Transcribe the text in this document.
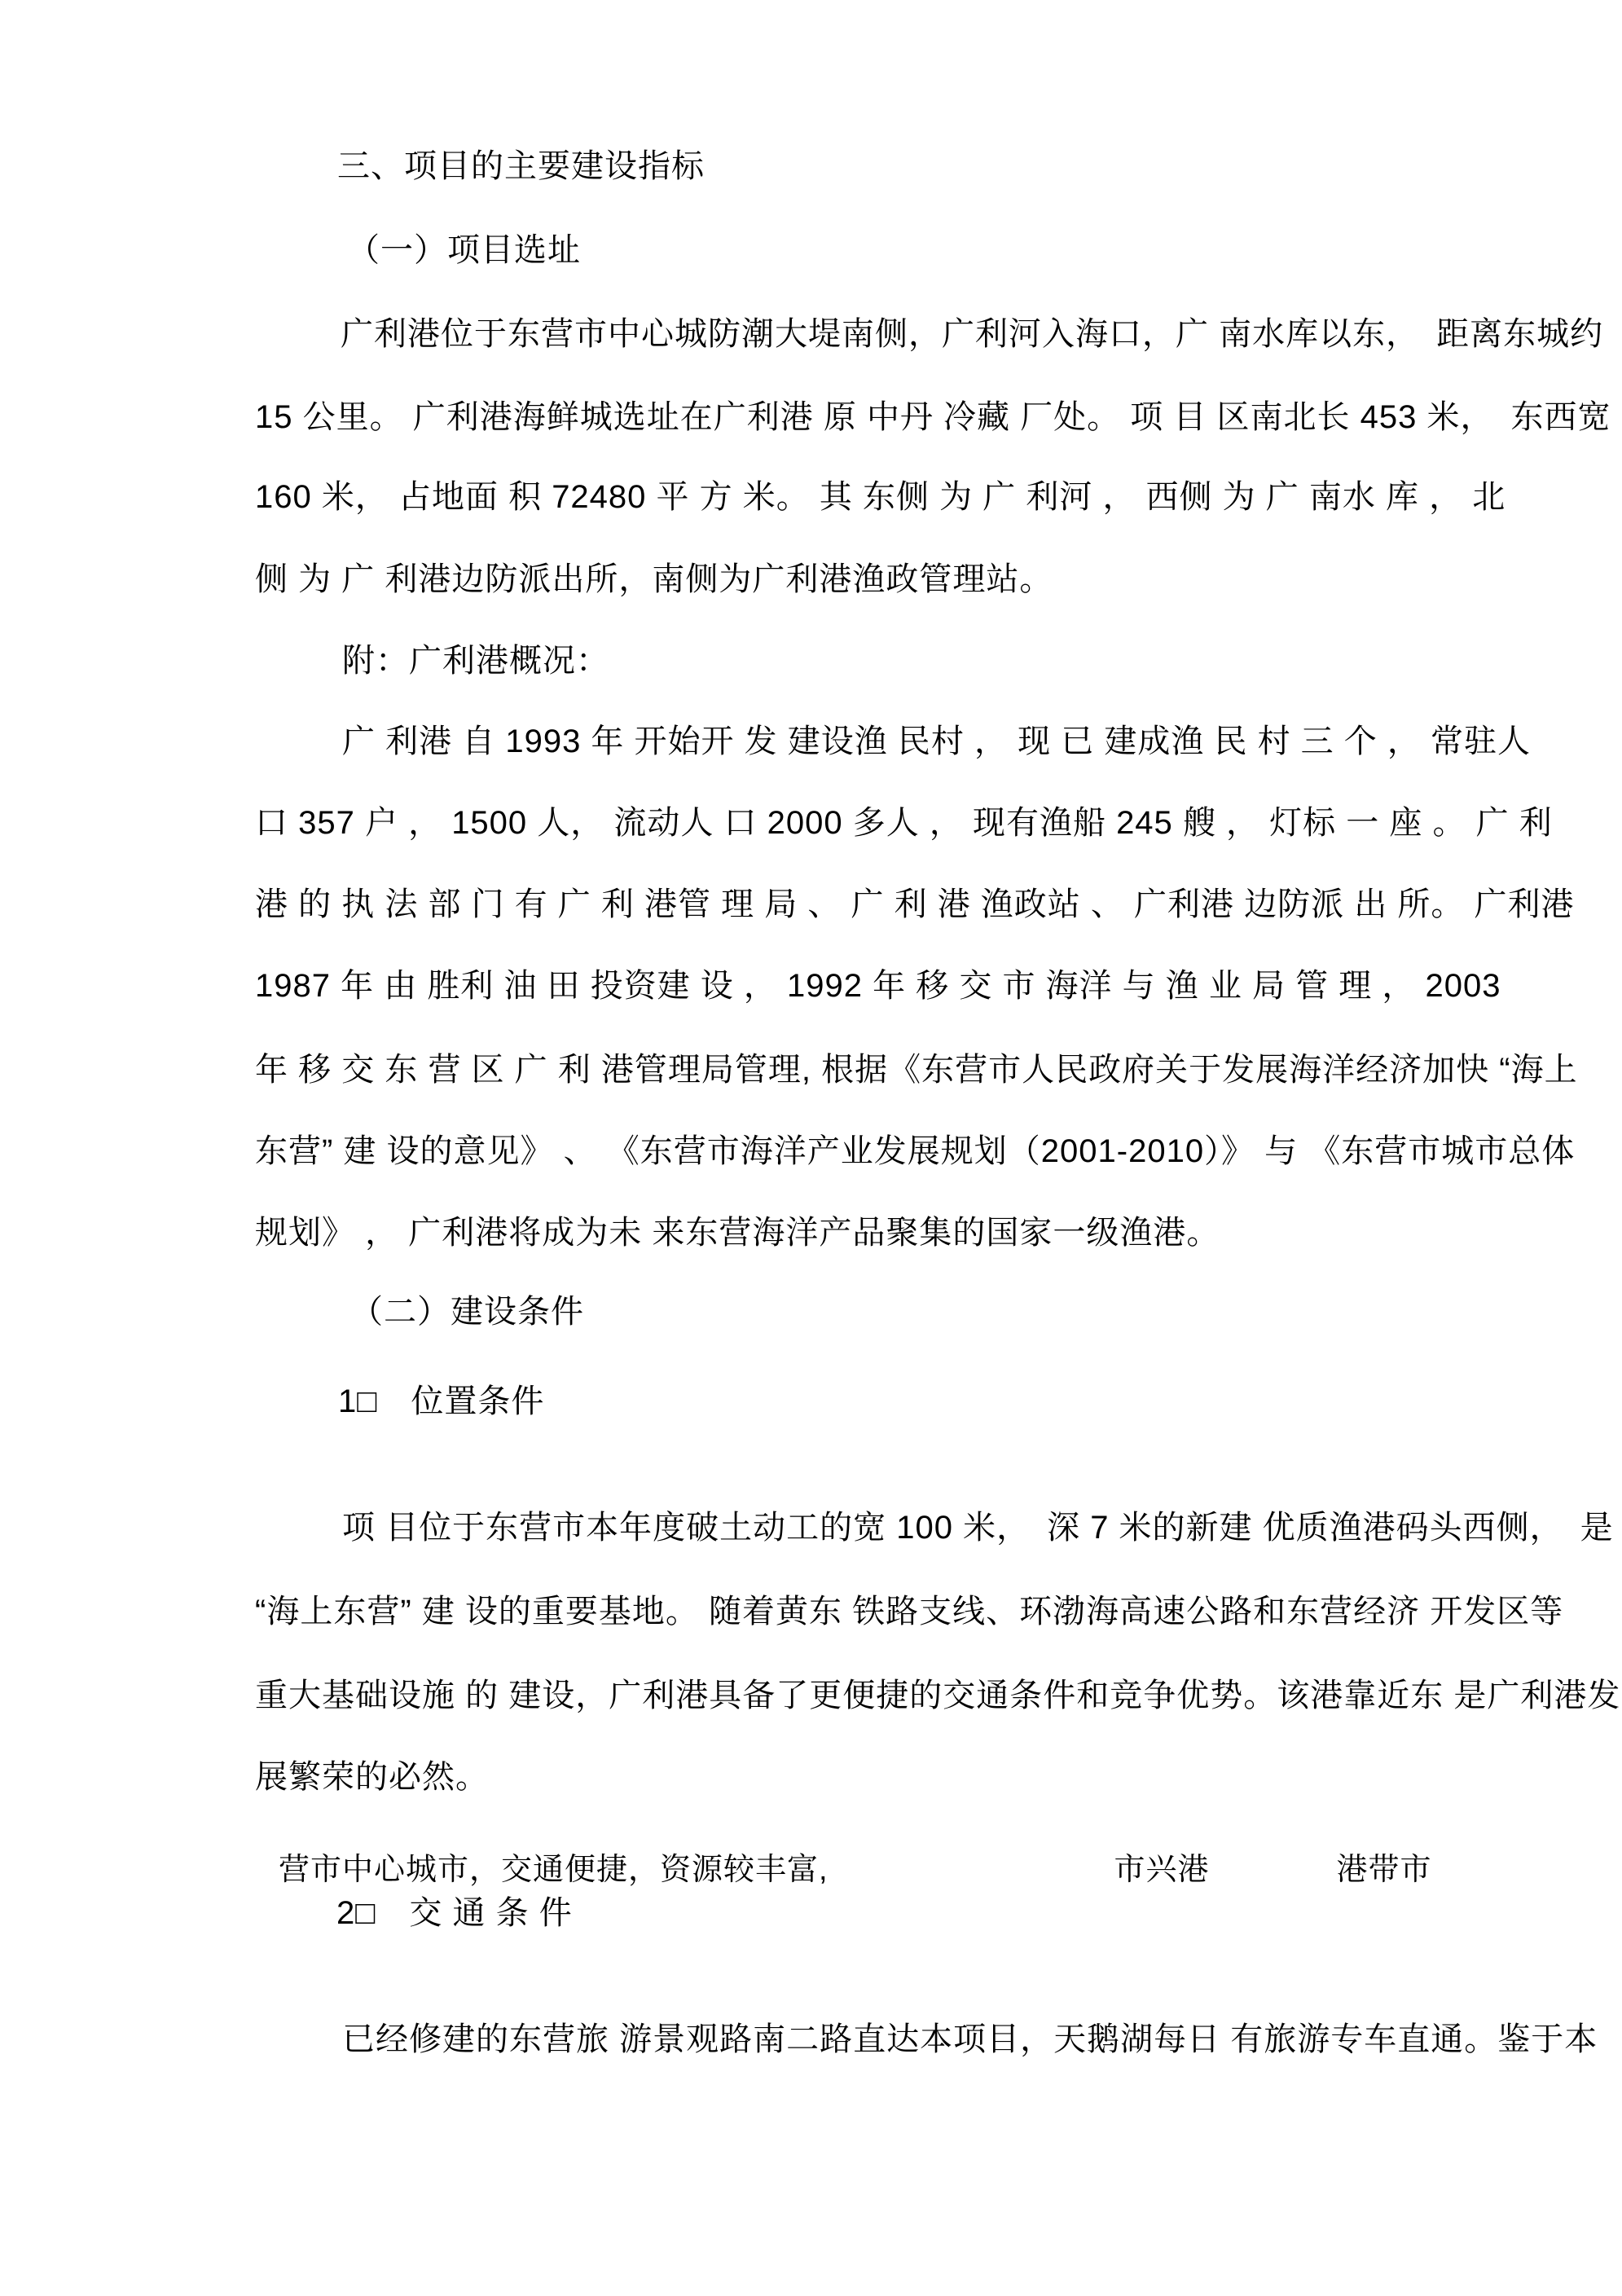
三、项目的主要建设指标
（一）项目选址
广利港位于东营市中心城防潮大堤南侧，广利河入海口，广 南水库以东，　距离东城约
15 公里。 广利港海鲜城选址在广利港 原 中丹 冷藏 厂处。 项 目 区南北长 453 米，　东西宽
160 米， 占地面 积 72480 平 方 米。 其 东侧 为 广 利河 ， 西侧 为 广 南水 库 ， 北
侧 为 广 利港边防派出所，南侧为广利港渔政管理站。
附：广利港概况：
广 利港 自 1993 年 开始开 发 建设渔 民村 ， 现 已 建成渔 民 村 三 个 ， 常驻人
口 357 户 ， 1500 人， 流动人 口 2000 多人 ， 现有渔船 245 艘 ， 灯标 一 座 。 广 利
港 的 执 法 部 门 有 广 利 港管 理 局 、 广 利 港 渔政站 、 广利港 边防派 出 所。 广利港
1987 年 由 胜利 油 田 投资建 设 ， 1992 年 移 交 市 海洋 与 渔 业 局 管 理 ， 2003
年 移 交 东 营 区 广 利 港管理局管理, 根据《东营市人民政府关于发展海洋经济加快 “海上
东营” 建 设的意见》 、 《东营市海洋产业发展规划（2001-2010）》 与 《东营市城市总体
规划》 ， 广利港将成为未 来东营海洋产品聚集的国家一级渔港。
（二）建设条件
1□　位置条件
项 目位于东营市本年度破土动工的宽 100 米，　深 7 米的新建 优质渔港码头西侧，　是
“海上东营” 建 设的重要基地。 随着黄东 铁路支线、环渤海高速公路和东营经济 开发区等
重大基础设施 的 建设，广利港具备了更便捷的交通条件和竞争优势。该港靠近东 是广利港发
展繁荣的必然。
营市中心城市，交通便捷，资源较丰富,　　　　　　　　　市兴港　　　　港带市
2□　交 通 条 件
已经修建的东营旅 游景观路南二路直达本项目，天鹅湖每日 有旅游专车直通。鉴于本
